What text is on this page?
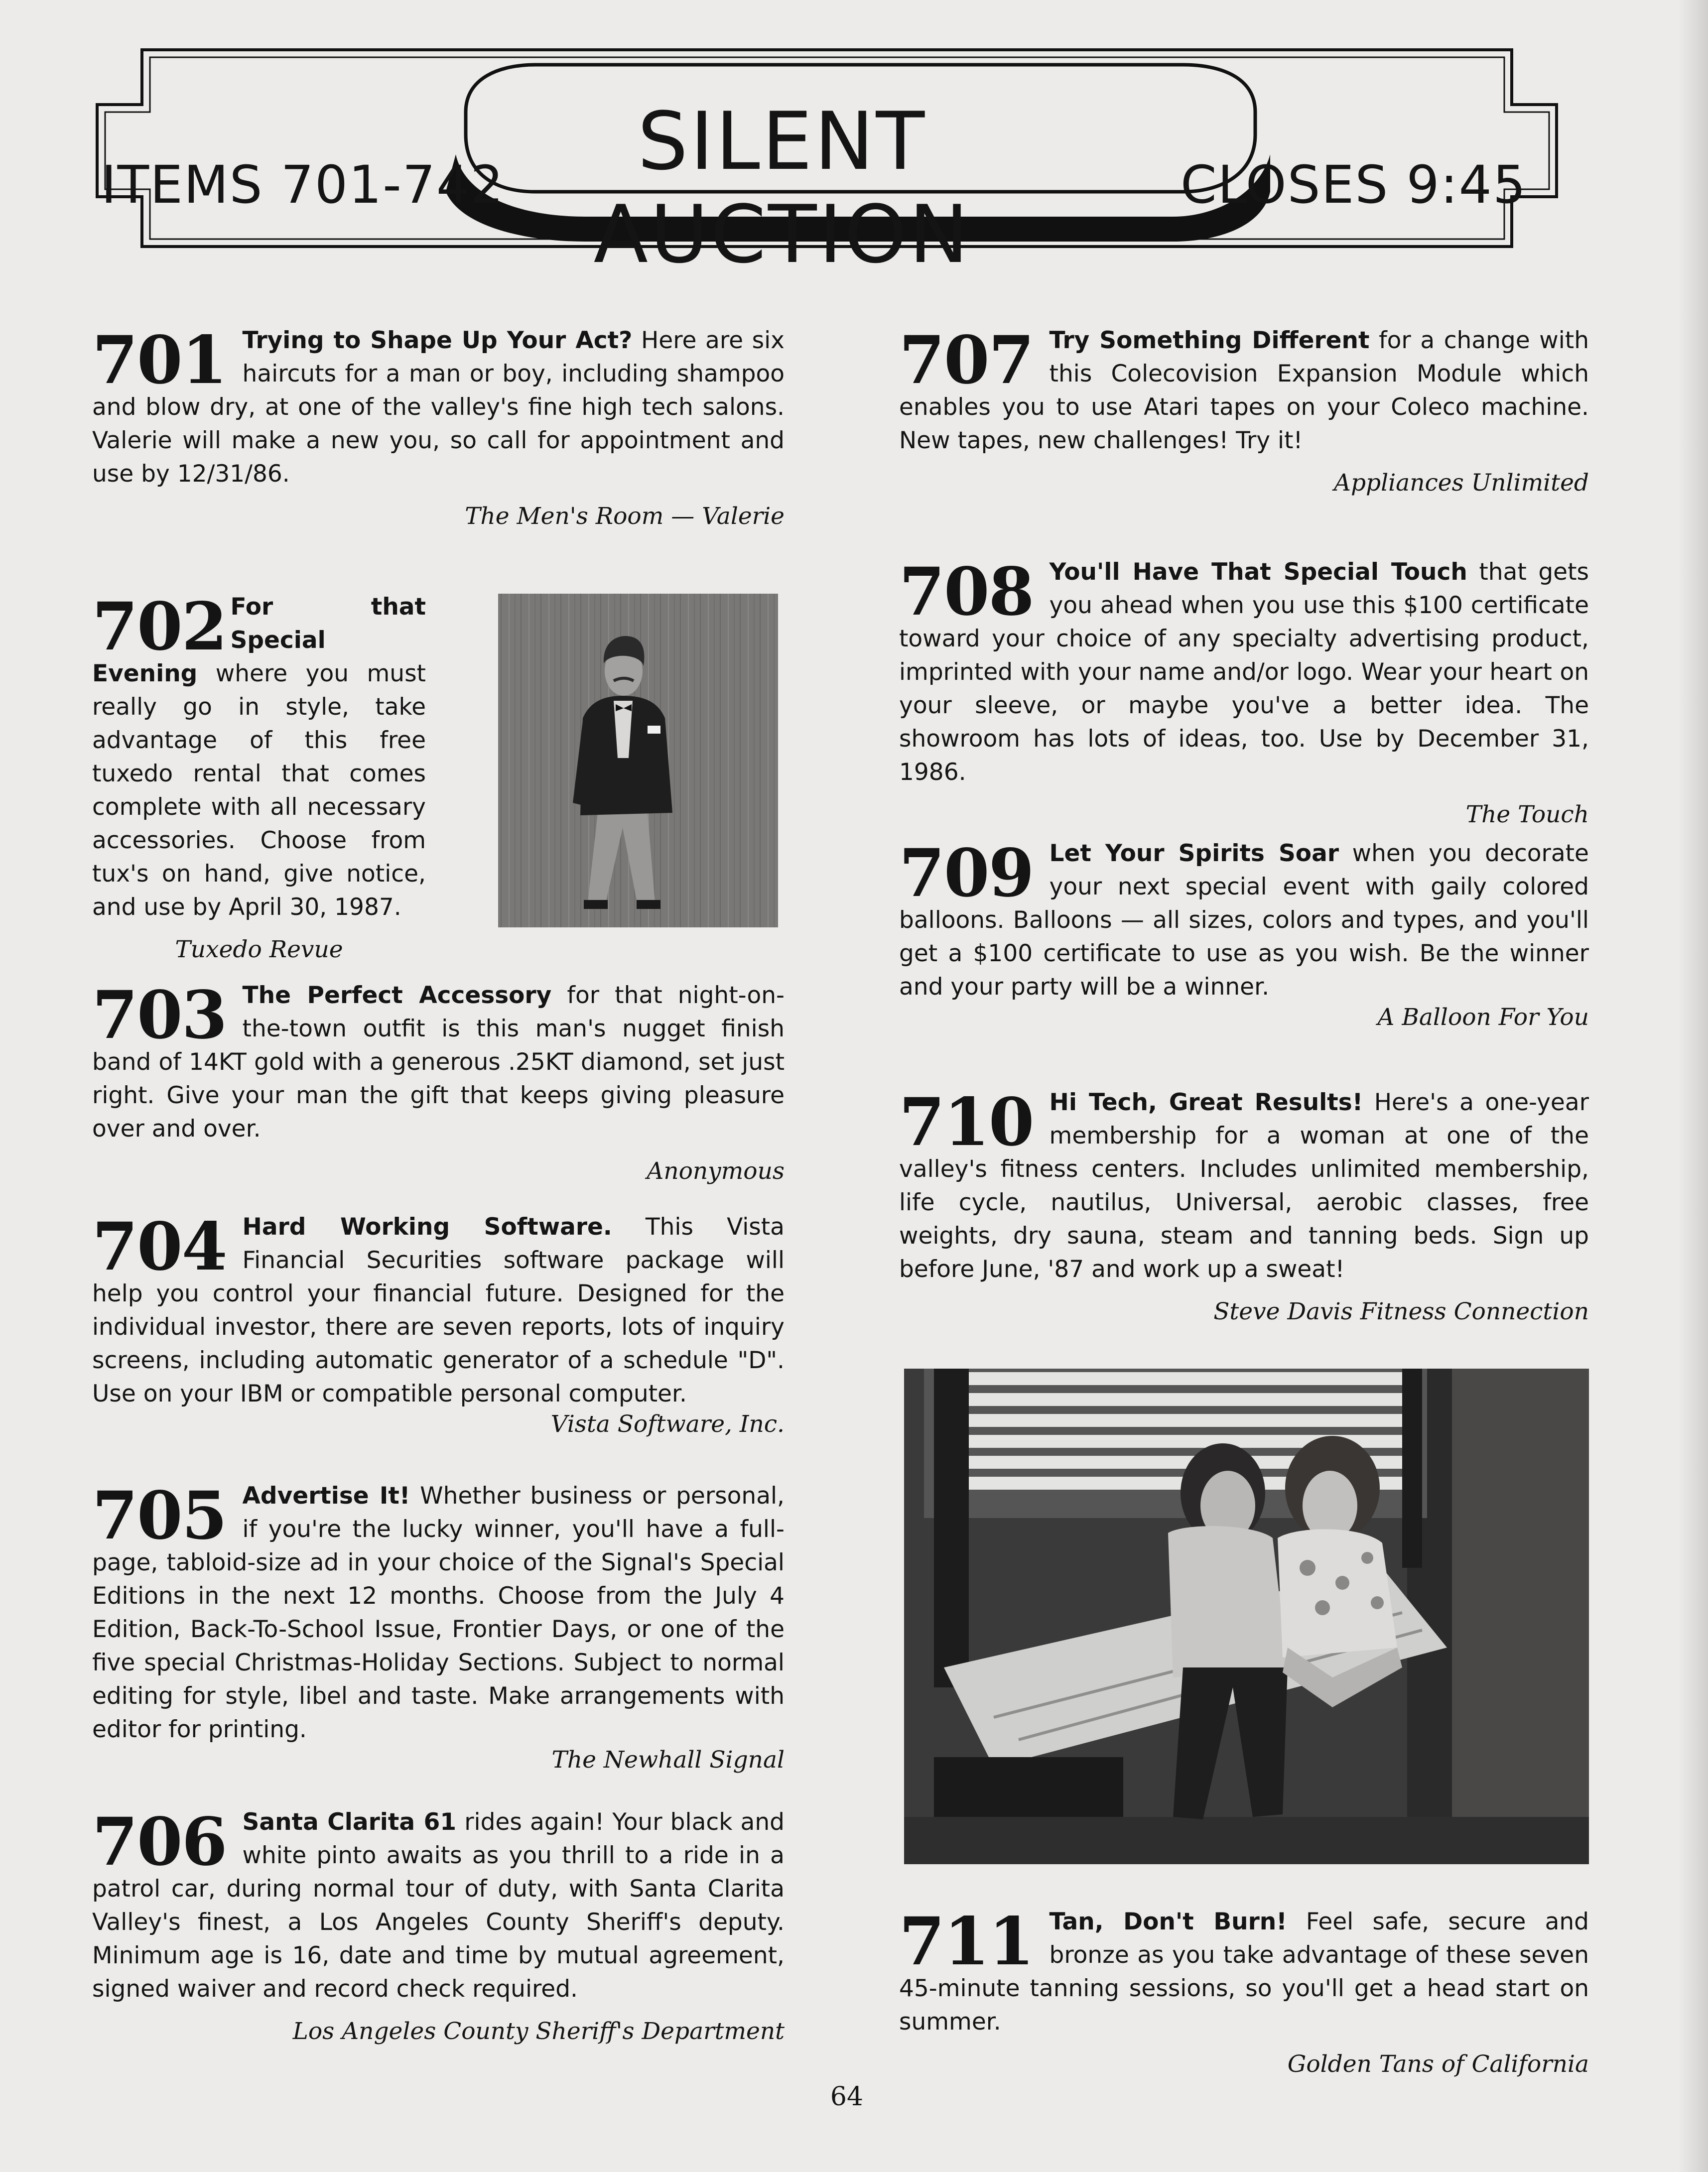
ITEMS 701-742	SILENT AUCTION
CLOSES 9:45
701 Trying to Shape Up Your Act? Here are six haircuts for a man or boy, including shampoo and blow dry, at one of the valley's fine high tech salons. Valerie will make a new you, so call for appointment and use by 12/31/86.
The Men's Room — Valerie
702 For that Special Evening where you must really go in style, take advantage of this free tuxedo rental that comes complete with all necessary accessories. Choose from tux's on hand, give notice, and use by April 30, 1987.
Tuxedo Revue
703 The Perfect Accessory for that night-on-the-town outfit is this man's nugget finish band of 14KT gold with a generous .25KT diamond, set just right. Give your man the gift that keeps giving pleasure over and over.
Anonymous
704 Hard Working Software. This Vista Financial Securities software package will help you control your financial future. Designed for the individual investor, there are seven reports, lots of inquiry screens, including automatic generator of a schedule "D". Use on your IBM or compatible personal computer.
Vista Software, Inc.
705 Advertise It! Whether business or personal, if you're the lucky winner, you'll have a full-page, tabloid-size ad in your choice of the Signal's Special Editions in the next 12 months. Choose from the July 4 Edition, Back-To-School Issue, Frontier Days, or one of the five special Christmas-Holiday Sections. Subject to normal editing for style, libel and taste. Make arrangements with editor for printing.
The Newhall Signal
706 Santa Clarita 61 rides again! Your black and white pinto awaits as you thrill to a ride in a patrol car, during normal tour of duty, with Santa Clarita Valley's finest, a Los Angeles County Sheriff's deputy. Minimum age is 16, date and time by mutual agreement, signed waiver and record check required.
Los Angeles County Sheriff's Department
707 Try Something Different for a change with this Colecovision Expansion Module which enables you to use Atari tapes on your Coleco machine. New tapes, new challenges! Try it!
Appliances Unlimited
708 You'll Have That Special Touch that gets you ahead when you use this $100 certificate toward your choice of any specialty advertising product, imprinted with your name and/or logo. Wear your heart on your sleeve, or maybe you've a better idea. The showroom has lots of ideas, too. Use by December 31, 1986.
The Touch
709 Let Your Spirits Soar when you decorate your next special event with gaily colored balloons. Balloons — all sizes, colors and types, and you'll get a $100 certificate to use as you wish. Be the winner and your party will be a winner.
A Balloon For You
710 Hi Tech, Great Results! Here's a one-year membership for a woman at one of the valley's fitness centers. Includes unlimited membership, life cycle, nautilus, Universal, aerobic classes, free weights, dry sauna, steam and tanning beds. Sign up before June, '87 and work up a sweat!
Steve Davis Fitness Connection
711 Tan, Don't Burn! Feel safe, secure and bronze as you take advantage of these seven 45-minute tanning sessions, so you'll get a head start on summer.
Golden Tans of California
64
